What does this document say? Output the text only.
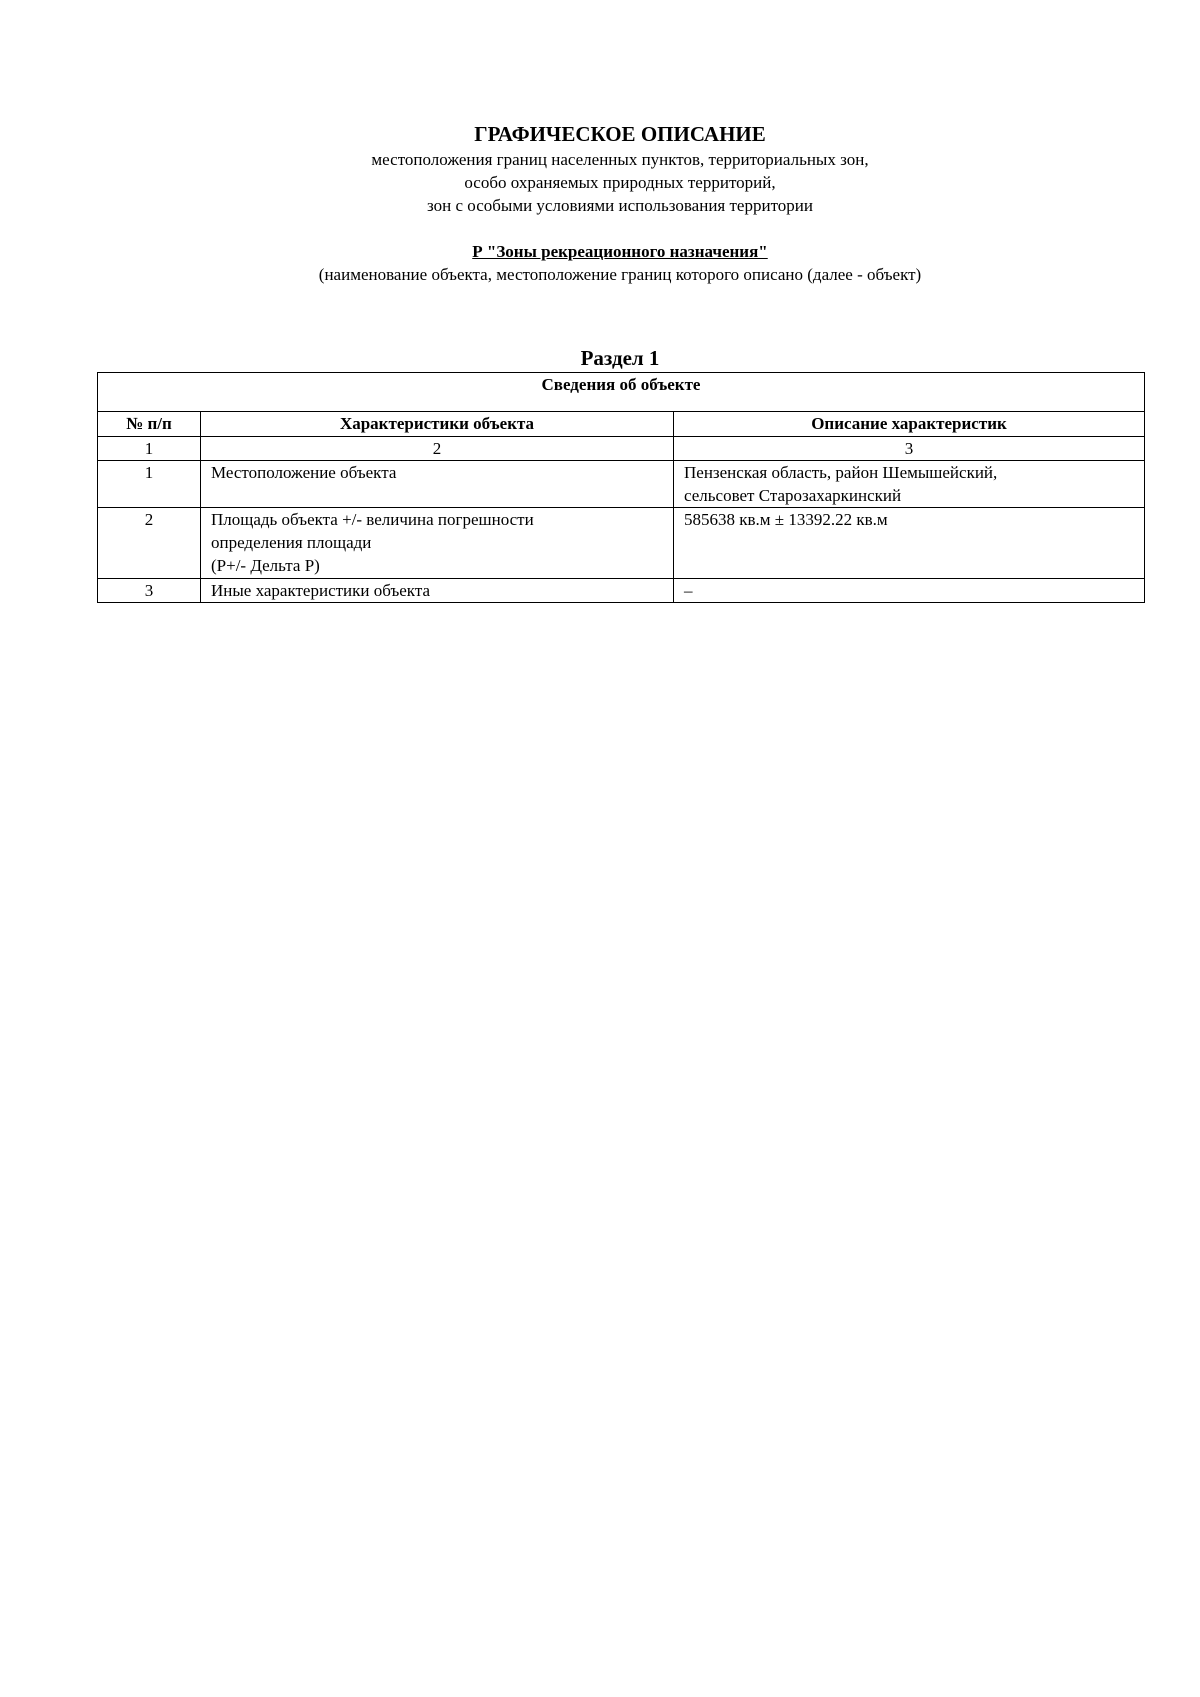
ГРАФИЧЕСКОЕ ОПИСАНИЕ

местоположения границ населенных пунктов, территориальных зон,

особо охраняемых природных территорий,

зон с особыми условиями использования территории

Р "Зоны рекреационного назначения"

(наименование объекта, местоположение границ которого описано (далее - объект)

Раздел 1

Сведения об объекте		
№ п/п	Характеристики объекта	Описание характеристик
1	2	3
1	Местоположение объекта	Пензенская область, район Шемышейский,
сельсовет Старозахаркинский

2	Площадь объекта +/- величина погрешности
определения площади
(Р+/- Дельта Р)	585638 кв.м ± 13392.22 кв.м

3	Иные характеристики объекта	–
